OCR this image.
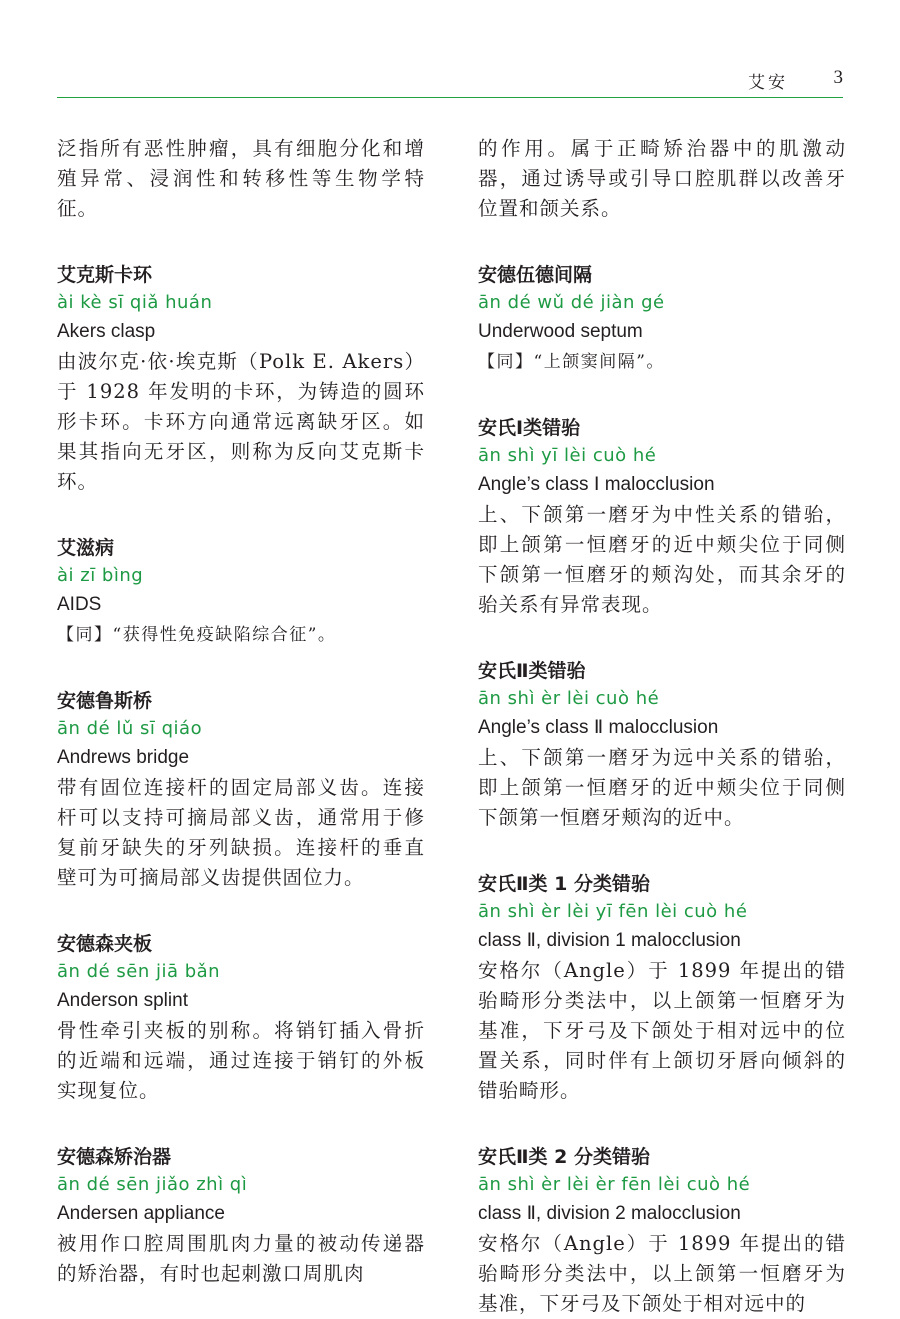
艾安 3

泛指所有恶性肿瘤，具有细胞分化和增殖异常、浸润性和转移性等生物学特征。

艾克斯卡环

ài kè sī qiǎ huán

Akers clasp

由波尔克·依·埃克斯（Polk E. Akers）于 1928 年发明的卡环，为铸造的圆环形卡环。卡环方向通常远离缺牙区。如果其指向无牙区，则称为反向艾克斯卡环。

艾滋病

ài zī bìng

AIDS

【同】“获得性免疫缺陷综合征”。

安德鲁斯桥

ān dé lǔ sī qiáo

Andrews bridge

带有固位连接杆的固定局部义齿。连接杆可以支持可摘局部义齿，通常用于修复前牙缺失的牙列缺损。连接杆的垂直壁可为可摘局部义齿提供固位力。

安德森夹板

ān dé sēn jiā bǎn

Anderson splint

骨性牵引夹板的别称。将销钉插入骨折的近端和远端，通过连接于销钉的外板实现复位。

安德森矫治器

ān dé sēn jiǎo zhì qì

Andersen appliance

被用作口腔周围肌肉力量的被动传递器的矫治器，有时也起刺激口周肌肉

的作用。属于正畸矫治器中的肌激动器，通过诱导或引导口腔肌群以改善牙位置和颌关系。

安德伍德间隔

ān dé wǔ dé jiàn gé

Underwood septum

【同】“上颌窦间隔”。

安氏Ⅰ类错骀

ān shì yī lèi cuò hé

Angle’s class Ⅰ malocclusion

上、下颌第一磨牙为中性关系的错骀，即上颌第一恒磨牙的近中颊尖位于同侧下颌第一恒磨牙的颊沟处，而其余牙的骀关系有异常表现。

安氏Ⅱ类错骀

ān shì èr lèi cuò hé

Angle’s class Ⅱ malocclusion

上、下颌第一磨牙为远中关系的错骀，即上颌第一恒磨牙的近中颊尖位于同侧下颌第一恒磨牙颊沟的近中。

安氏Ⅱ类 1 分类错骀

ān shì èr lèi yī fēn lèi cuò hé

class Ⅱ, division 1 malocclusion

安格尔（Angle）于 1899 年提出的错骀畸形分类法中，以上颌第一恒磨牙为基准，下牙弓及下颌处于相对远中的位置关系，同时伴有上颌切牙唇向倾斜的错骀畸形。

安氏Ⅱ类 2 分类错骀

ān shì èr lèi èr fēn lèi cuò hé

class Ⅱ, division 2 malocclusion

安格尔（Angle）于 1899 年提出的错骀畸形分类法中，以上颌第一恒磨牙为基准，下牙弓及下颌处于相对远中的
